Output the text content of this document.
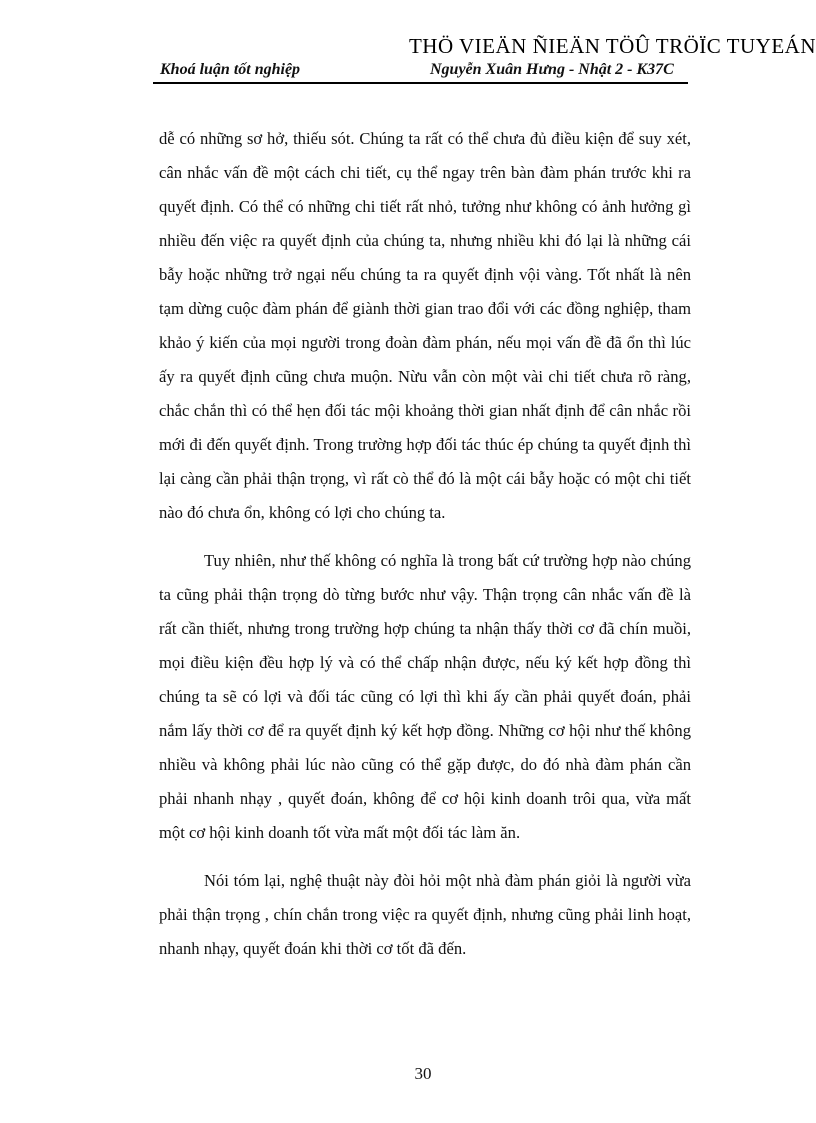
THÖ VIEÄN ÑIEÄN TÖÛ TRÖÏC TUYEÁN
Khoá luận tốt nghiệp	Nguyễn Xuân Hưng - Nhật 2 - K37C

dễ có những sơ hở, thiếu sót. Chúng ta rất có thể chưa đủ điều kiện để suy xét, cân nhắc vấn đề một cách chi tiết, cụ thể ngay trên bàn đàm phán trước khi ra quyết định. Có thể có những chi tiết rất nhỏ, tưởng như không có ảnh hưởng gì nhiều đến việc ra quyết định của chúng ta, nhưng nhiều khi đó lại là những cái bẫy hoặc những trở ngại nếu chúng ta ra quyết định vội vàng. Tốt nhất là nên tạm dừng cuộc đàm phán để giành thời gian trao đổi với các đồng nghiệp, tham khảo ý kiến của mọi người trong đoàn đàm phán, nếu mọi vấn đề đã ổn thì lúc ấy ra quyết định cũng chưa muộn. Nừu vẫn còn một vài chi tiết chưa rõ ràng, chắc chắn thì có thể hẹn đối tác mội khoảng thời gian nhất định để cân nhắc rồi mới đi đến quyết định. Trong trường hợp đối tác thúc ép chúng ta quyết định thì lại càng cần phải thận trọng, vì rất cò thể đó là một cái bẫy hoặc có một chi tiết nào đó chưa ổn, không có lợi cho chúng ta.

Tuy nhiên, như thế không có nghĩa là trong bất cứ trường hợp nào chúng ta cũng phải thận trọng dò từng bước như vậy. Thận trọng cân nhắc vấn đề là rất cần thiết, nhưng trong trường hợp chúng ta nhận thấy thời cơ đã chín muồi, mọi điều kiện đều hợp lý và có thể chấp nhận được, nếu ký kết hợp đồng thì chúng ta sẽ có lợi và đối tác cũng có lợi thì khi ấy cần phải quyết đoán, phải nắm lấy thời cơ để ra quyết định ký kết hợp đồng. Những cơ hội như thế không nhiều và không phải lúc nào cũng có thể gặp được, do đó nhà đàm phán cần phải nhanh nhạy , quyết đoán, không để cơ hội kinh doanh trôi qua, vừa mất một cơ hội kinh doanh tốt vừa mất một đối tác làm ăn.

Nói tóm lại, nghệ thuật này đòi hỏi một nhà đàm phán giỏi là người vừa phải thận trọng , chín chắn trong việc ra quyết định, nhưng cũng phải linh hoạt, nhanh nhạy, quyết đoán khi thời cơ tốt đã đến.

30
